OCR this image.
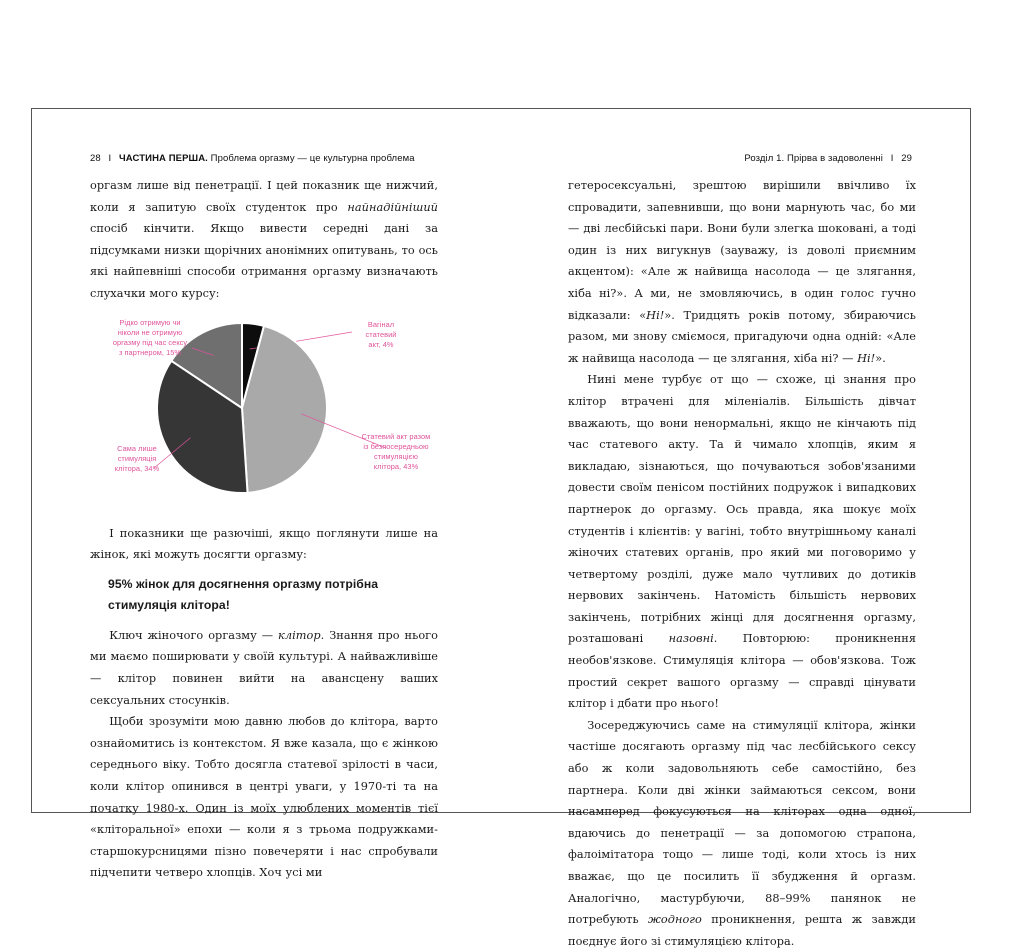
28 I ЧАСТИНА ПЕРША. Проблема оргазму — це культурна проблема	Розділ 1. Прірва в задоволенні I 29

оргазм лише від пенетрації. І цей показник ще нижчий, коли я запитую своїх студенток про найнадійніший спосіб кінчити. Якщо вивести середні дані за підсумками низки щорічних анонімних опитувань, то ось які найпевніші способи отримання оргазму визначають слухачки мого курсу:

Рідко отримую чи
ніколи не отримую
оргазму під час сексу
з партнером, 15%
Вагінал
статевий
акт, 4%
Статевий акт разом
із безпосередньою
стимуляцією
клітора, 43%
Сама лише
стимуляція
клітора, 34%

І показники ще разючіші, якщо поглянути лише на жінок, які можуть досягти оргазму:

95% жінок для досягнення оргазму потрібна стимуляція клітора!

Ключ жіночого оргазму — клітор. Знання про нього ми маємо поширювати у своїй культурі. А найважливіше — клітор повинен вийти на авансцену ваших сексуальних стосунків.

Щоби зрозуміти мою давню любов до клітора, варто ознайомитись із контекстом. Я вже казала, що є жінкою середнього віку. Тобто досягла статевої зрілості в часи, коли клітор опинився в центрі уваги, у 1970-ті та на початку 1980-х. Один із моїх улюблених моментів тієї «кліторальної» епохи — коли я з трьома подружками-старшокурсницями пізно повечеряти і нас спробували підчепити четверо хлопців. Хоч усі ми

гетеросексуальні, зрештою вирішили ввічливо їх спровадити, запевнивши, що вони марнують час, бо ми — дві лесбійські пари. Вони були злегка шоковані, а тоді один із них вигукнув (зауважу, із доволі приємним акцентом): «Але ж найвища насолода — це злягання, хіба ні?». А ми, не змовляючись, в один голос гучно відказали: «Ні!». Тридцять років потому, збираючись разом, ми знову сміємося, пригадуючи одна одній: «Але ж найвища насолода — це злягання, хіба ні? — Ні!».

Нині мене турбує от що — схоже, ці знання про клітор втрачені для міленіалів. Більшість дівчат вважають, що вони ненормальні, якщо не кінчають під час статевого акту. Та й чимало хлопців, яким я викладаю, зізнаються, що почуваються зобов'язаними довести своїм пенісом постійних подружок і випадкових партнерок до оргазму. Ось правда, яка шокує моїх студентів і клієнтів: у вагіні, тобто внутрішньому каналі жіночих статевих органів, про який ми поговоримо у четвертому розділі, дуже мало чутливих до дотиків нервових закінчень. Натомість більшість нервових закінчень, потрібних жінці для досягнення оргазму, розташовані назовні. Повторюю: проникнення необов'язкове. Стимуляція клітора — обов'язкова. Тож простий секрет вашого оргазму — справді цінувати клітор і дбати про нього!

Зосереджуючись саме на стимуляції клітора, жінки частіше досягають оргазму під час лесбійського сексу або ж коли задовольняють себе самостійно, без партнера. Коли дві жінки займаються сексом, вони насамперед фокусуються на кліторах одна одної, вдаючись до пенетрації — за допомогою страпона, фалоімітатора тощо — лише тоді, коли хтось із них вважає, що це посилить її збудження й оргазм. Аналогічно, мастурбуючи, 88–99% панянок не потребують жодного проникнення, решта ж завжди поєднує його зі стимуляцією клітора.
